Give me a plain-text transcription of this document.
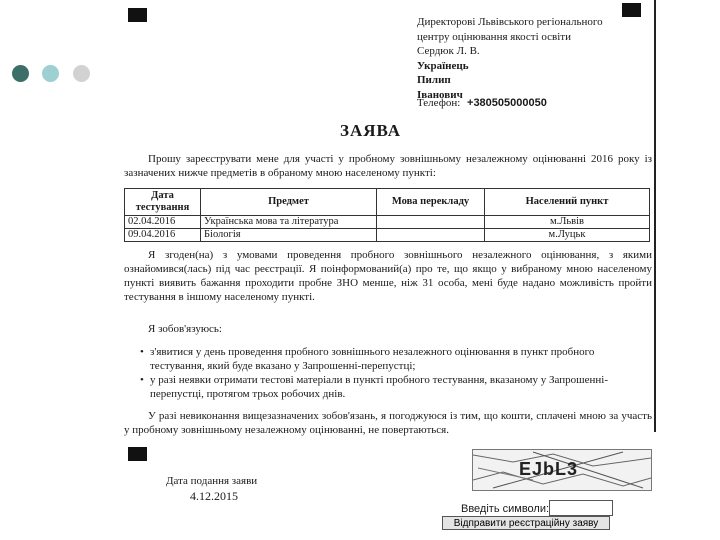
Директорові Львівського регіонального
центру оцінювання якості освіти
Сердюк Л. В.
Українець
Пилип
Іванович
Телефон: +380505000050
ЗАЯВА
Прошу зареєструвати мене для участі у пробному зовнішньому незалежному оцінюванні 2016 року із зазначених нижче предметів в обраному мною населеному пункті:
Дата тестування	Предмет	Мова перекладу	Населений пункт
02.04.2016	Українська мова та література		м.Львів
09.04.2016	Біологія		м.Луцьк
Я згоден(на) з умовами проведення пробного зовнішнього незалежного оцінювання, з якими ознайомився(лась) під час реєстрації. Я поінформований(а) про те, що якщо у вибраному мною населеному пункті виявить бажання проходити пробне ЗНО менше, ніж 31 особа, мені буде надано можливість пройти тестування в іншому населеному пункті.
Я зобов'язуюсь:
• з'явитися у день проведення пробного зовнішнього незалежного оцінювання в пункт пробного тестування, який буде вказано у Запрошенні-перепустці;
• у разі неявки отримати тестові матеріали в пункті пробного тестування, вказаному у Запрошенні-перепустці, протягом трьох робочих днів.
У разі невиконання вищезазначених зобов'язань, я погоджуюся із тим, що кошти, сплачені мною за участь у пробному зовнішньому незалежному оцінюванні, не повертаються.
EJbL3
Дата подання заяви
4.12.2015
Введіть символи:
Відправити реєстраційну заяву
